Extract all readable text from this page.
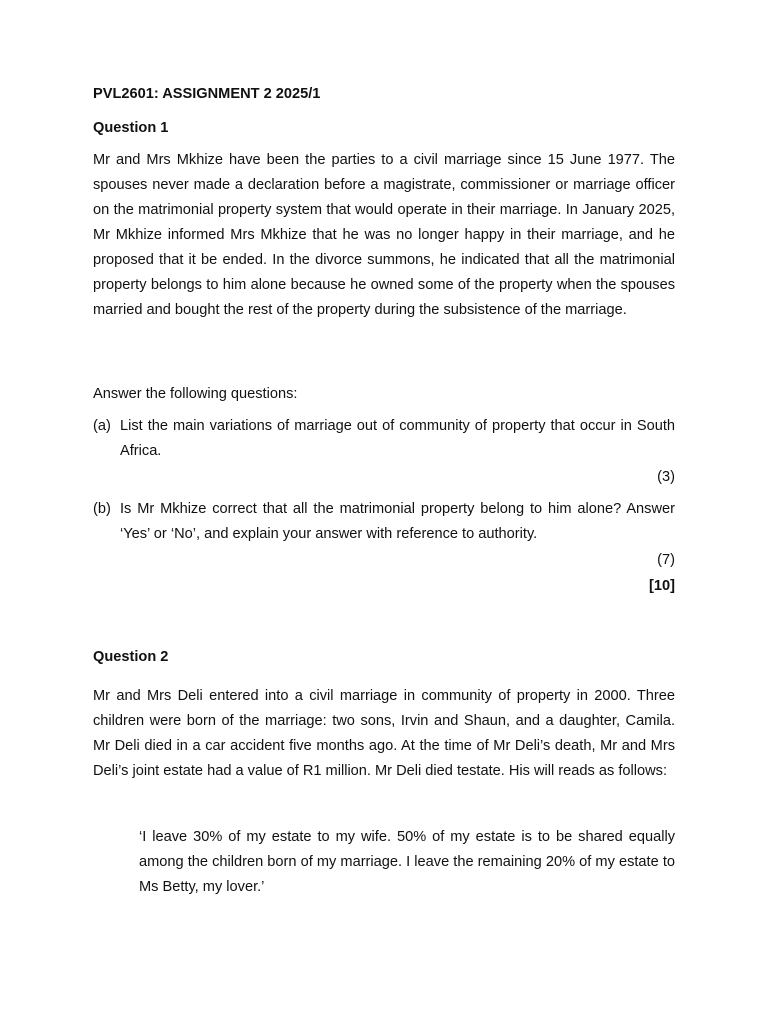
PVL2601: ASSIGNMENT 2 2025/1
Question 1

Mr and Mrs Mkhize have been the parties to a civil marriage since 15 June 1977. The spouses never made a declaration before a magistrate, commissioner or marriage officer on the matrimonial property system that would operate in their marriage. In January 2025, Mr Mkhize informed Mrs Mkhize that he was no longer happy in their marriage, and he proposed that it be ended. In the divorce summons, he indicated that all the matrimonial property belongs to him alone because he owned some of the property when the spouses married and bought the rest of the property during the subsistence of the marriage.

Answer the following questions:

(a) List the main variations of marriage out of community of property that occur in South Africa.
(3)
(b) Is Mr Mkhize correct that all the matrimonial property belong to him alone? Answer ‘Yes’ or ‘No’, and explain your answer with reference to authority.
(7)
[10]
Question 2

Mr and Mrs Deli entered into a civil marriage in community of property in 2000. Three children were born of the marriage: two sons, Irvin and Shaun, and a daughter, Camila. Mr Deli died in a car accident five months ago. At the time of Mr Deli’s death, Mr and Mrs Deli’s joint estate had a value of R1 million. Mr Deli died testate. His will reads as follows:

‘I leave 30% of my estate to my wife. 50% of my estate is to be shared equally among the children born of my marriage. I leave the remaining 20% of my estate to Ms Betty, my lover.’
